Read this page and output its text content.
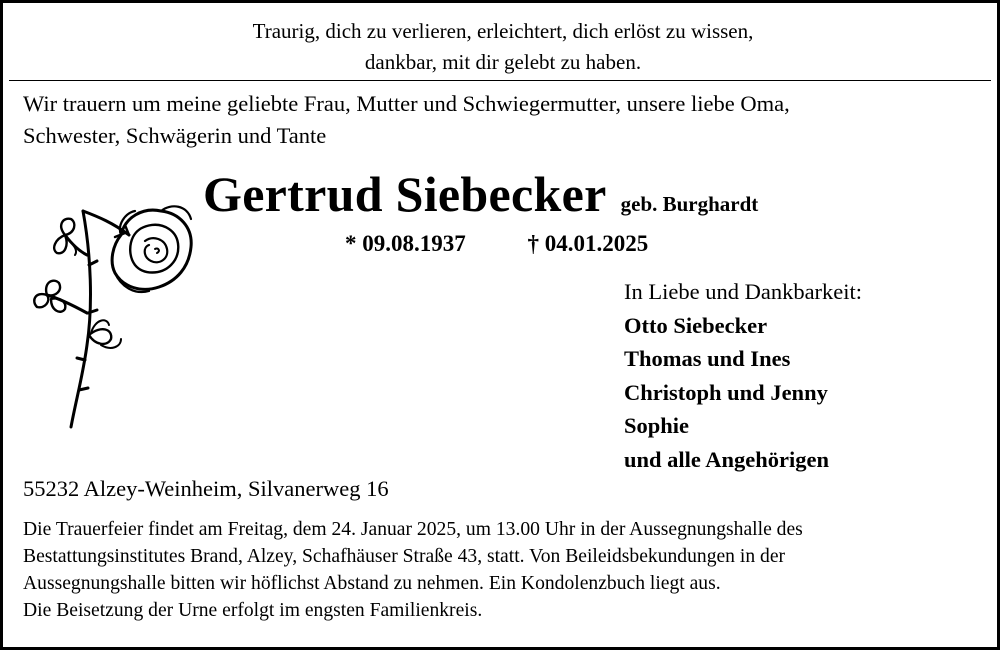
Traurig, dich zu verlieren, erleichtert, dich erlöst zu wissen,
dankbar, mit dir gelebt zu haben.
Wir trauern um meine geliebte Frau, Mutter und Schwiegermutter, unsere liebe Oma,
Schwester, Schwägerin und Tante
Gertrud Siebecker geb. Burghardt
* 09.08.1937	† 04.01.2025
In Liebe und Dankbarkeit:
Otto Siebecker
Thomas und Ines
Christoph und Jenny
Sophie
und alle Angehörigen
55232 Alzey-Weinheim, Silvanerweg 16
Die Trauerfeier findet am Freitag, dem 24. Januar 2025, um 13.00 Uhr in der Aussegnungshalle des
Bestattungsinstitutes Brand, Alzey, Schafhäuser Straße 43, statt. Von Beileidsbekundungen in der
Aussegnungshalle bitten wir höflichst Abstand zu nehmen. Ein Kondolenzbuch liegt aus.
Die Beisetzung der Urne erfolgt im engsten Familienkreis.
